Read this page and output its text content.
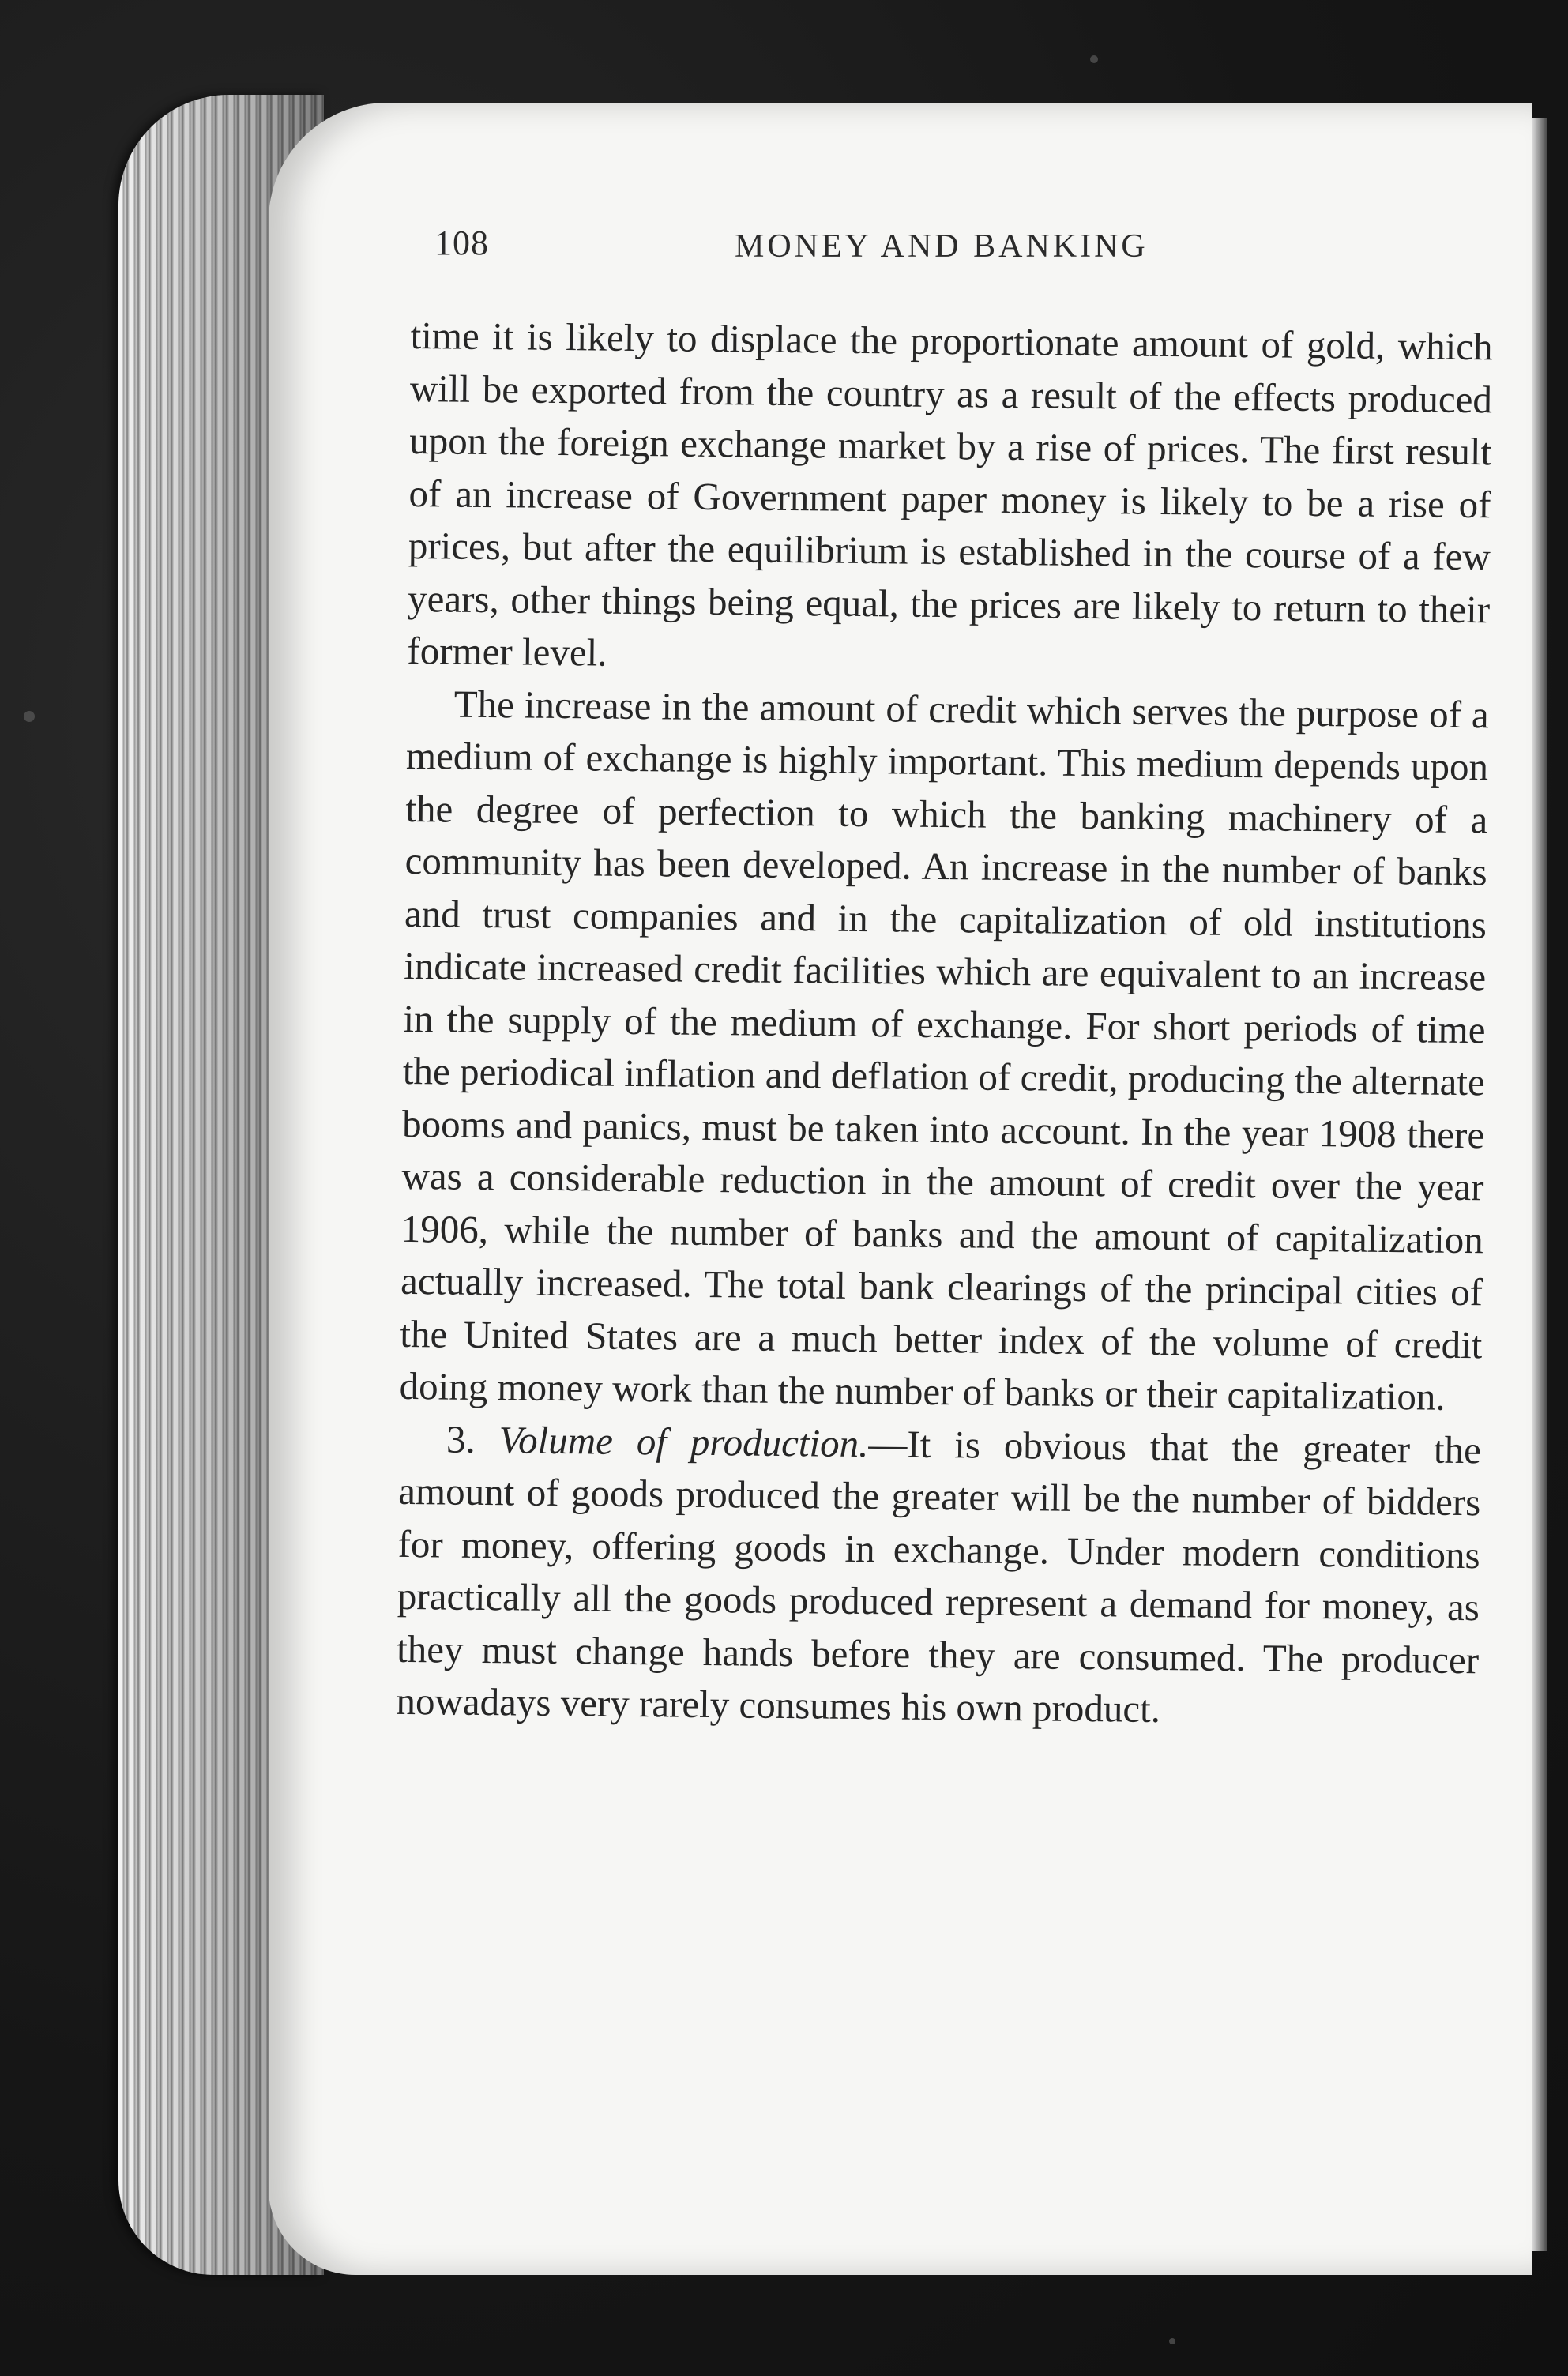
108	MONEY AND BANKING

time it is likely to displace the proportionate amount of gold, which will be exported from the country as a result of the effects produced upon the foreign exchange market by a rise of prices. The first result of an increase of Government paper money is likely to be a rise of prices, but after the equilibrium is established in the course of a few years, other things being equal, the prices are likely to return to their former level.

The increase in the amount of credit which serves the purpose of a medium of exchange is highly important. This medium depends upon the degree of perfection to which the banking machinery of a community has been developed. An increase in the number of banks and trust companies and in the capitalization of old institutions indicate increased credit facilities which are equivalent to an increase in the supply of the medium of exchange. For short periods of time the periodical inflation and deflation of credit, producing the alternate booms and panics, must be taken into account. In the year 1908 there was a considerable reduction in the amount of credit over the year 1906, while the number of banks and the amount of capitalization actually increased. The total bank clearings of the principal cities of the United States are a much better index of the volume of credit doing money work than the number of banks or their capitalization.

3. Volume of production.—It is obvious that the greater the amount of goods produced the greater will be the number of bidders for money, offering goods in exchange. Under modern conditions practically all the goods produced represent a demand for money, as they must change hands before they are consumed. The producer nowadays very rarely consumes his own product.
